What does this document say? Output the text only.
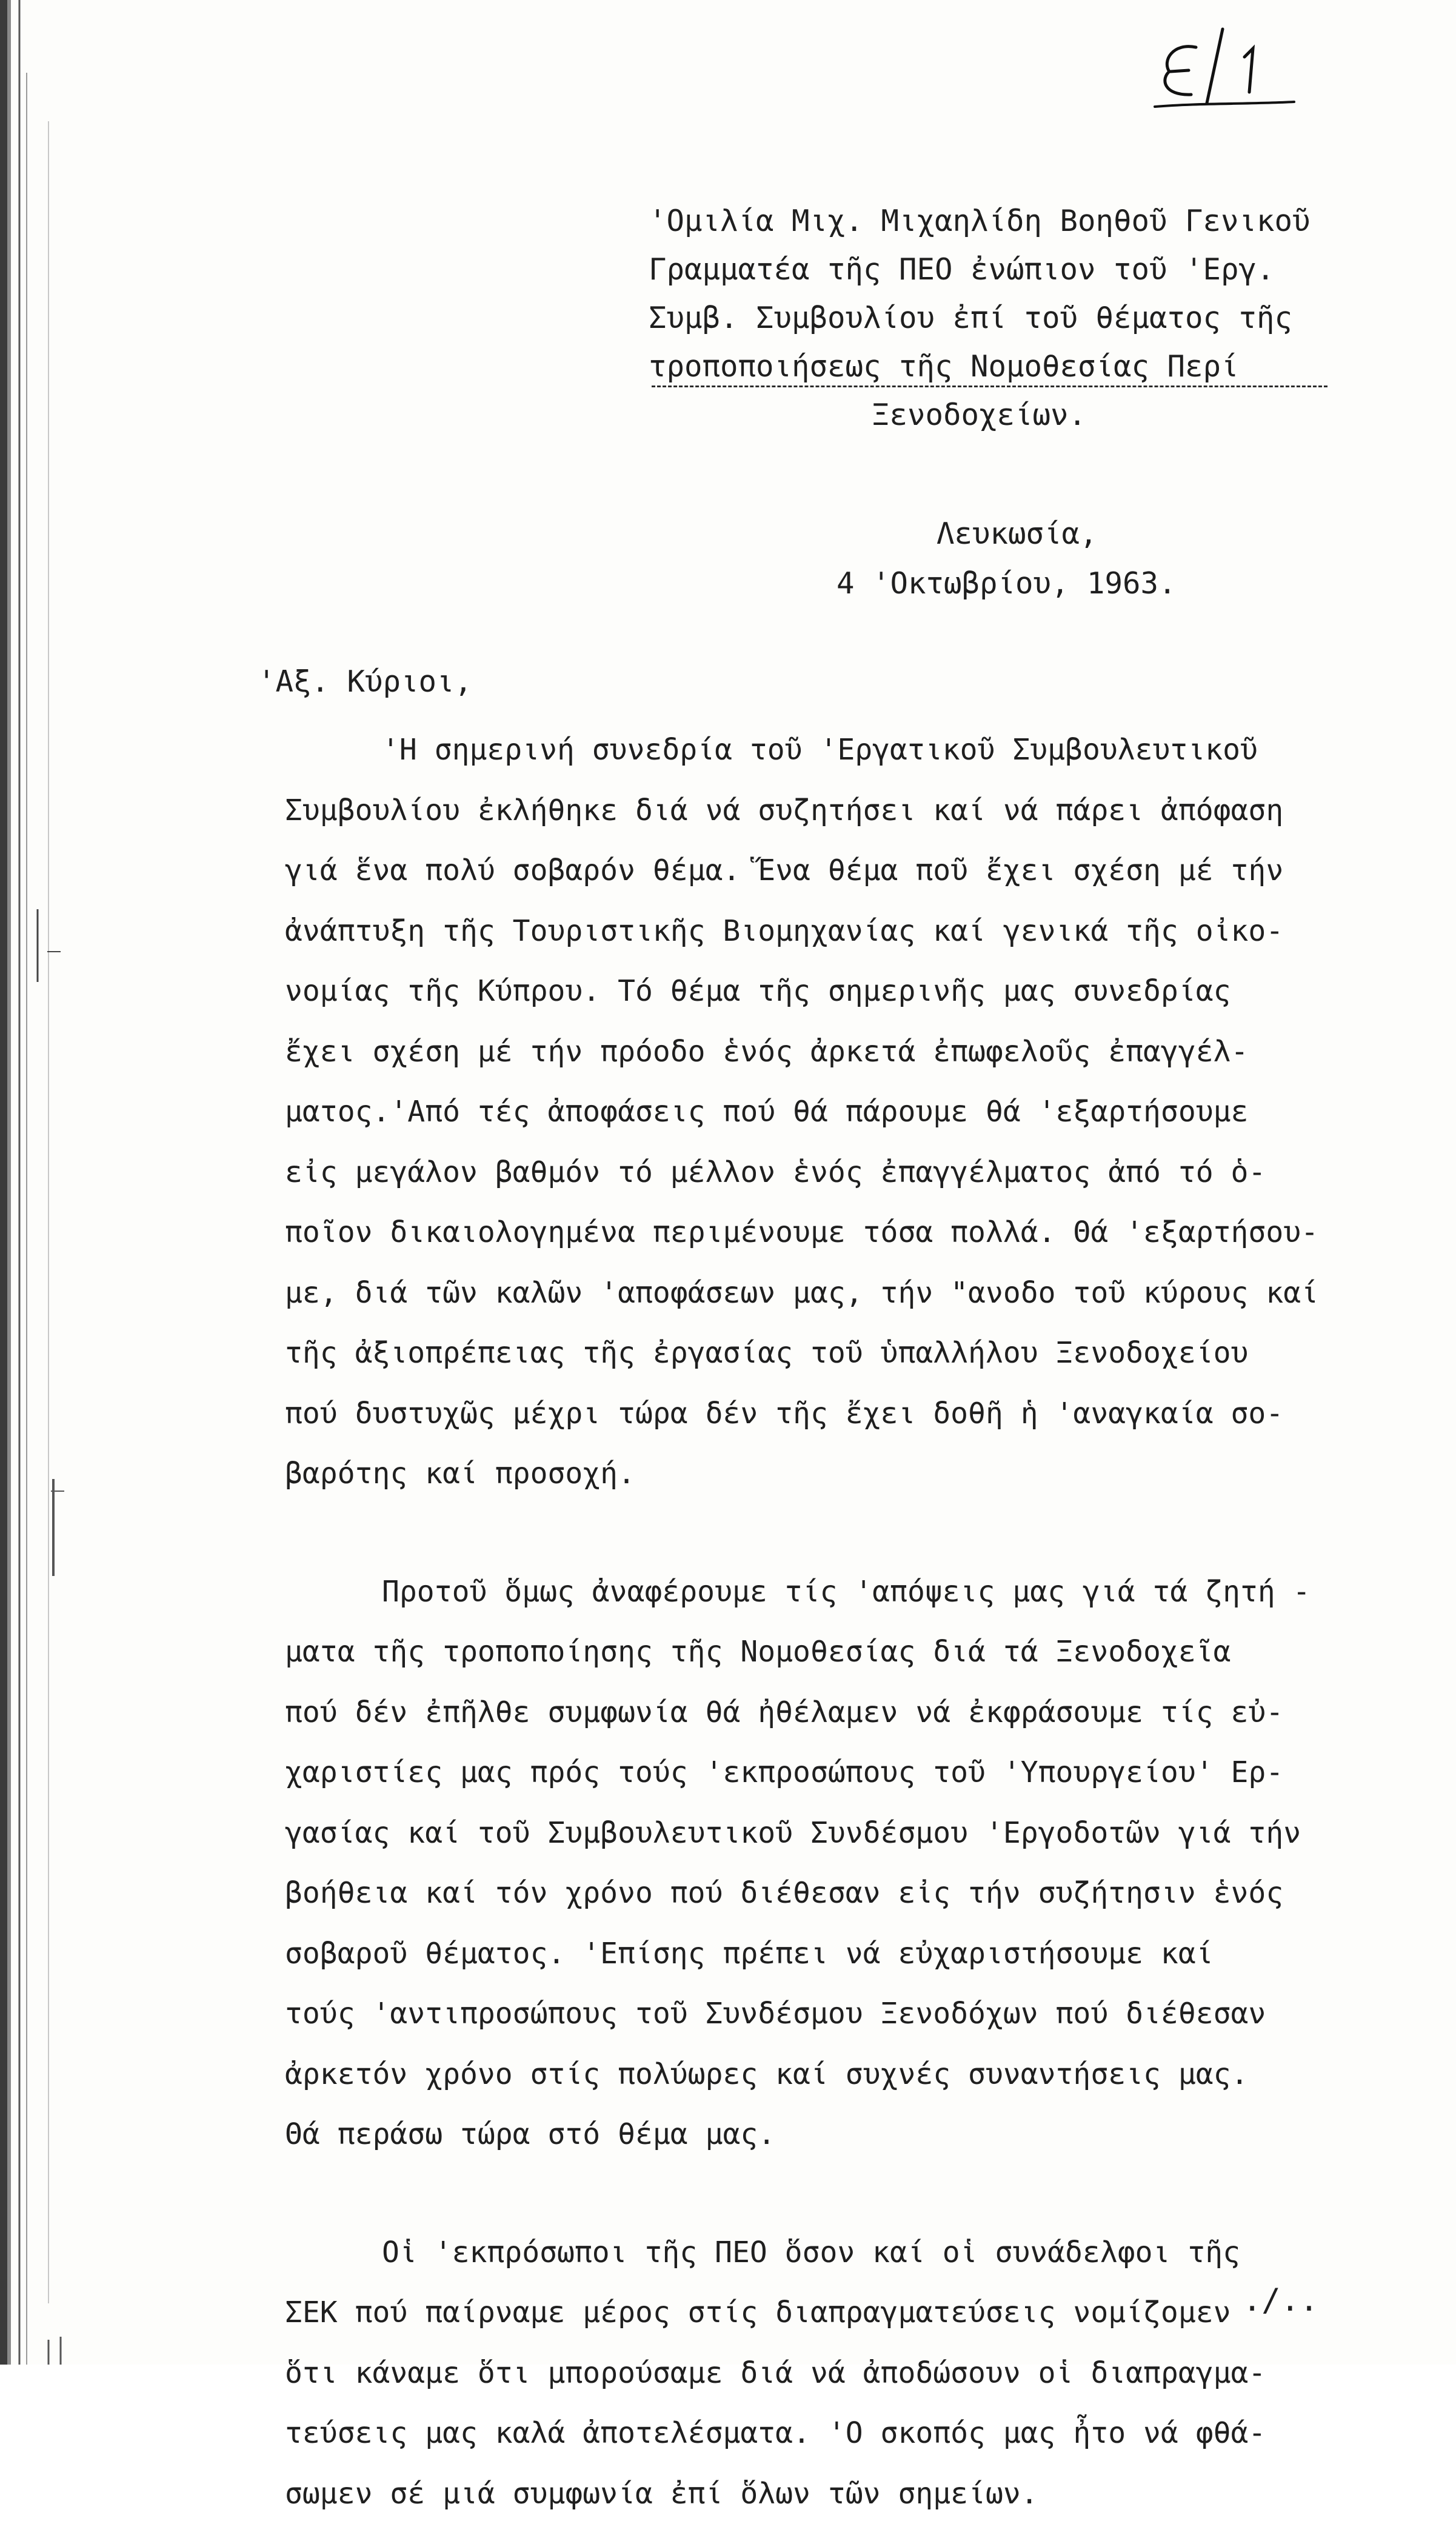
'Ομιλία Μιχ. Μιχαηλίδη Βοηθοῦ Γενικοῦ
Γραμματέα τῆς ΠΕΟ ἐνώπιον τοῦ 'Εργ.
Συμβ. Συμβουλίου ἐπί τοῦ θέματος τῆς
τροποποιήσεως τῆς Νομοθεσίας Περί
Ξενοδοχείων.
Λευκωσία,
4 'Οκτωβρίου, 1963.
'Αξ. Κύριοι,

'Η σημερινή συνεδρία τοῦ 'Εργατικοῦ Συμβουλευτικοῦ
Συμβουλίου ἐκλήθηκε διά νά συζητήσει καί νά πάρει ἀπόφαση
γιά ἕνα πολύ σοβαρόν θέμα. Ἕνα θέμα ποῦ ἔχει σχέση μέ τήν
ἀνάπτυξη τῆς Τουριστικῆς Βιομηχανίας καί γενικά τῆς οἰκο-
νομίας τῆς Κύπρου. Τό θέμα τῆς σημερινῆς μας συνεδρίας
ἔχει σχέση μέ τήν πρόοδο ἑνός ἀρκετά ἐπωφελοῦς ἐπαγγέλ-
ματος.'Από τές ἀποφάσεις πού θά πάρουμε θά 'εξαρτήσουμε
εἰς μεγάλον βαθμόν τό μέλλον ἑνός ἐπαγγέλματος ἀπό τό ὁ-
ποῖον δικαιολογημένα περιμένουμε τόσα πολλά. Θά 'εξαρτήσου-
με, διά τῶν καλῶν 'αποφάσεων μας, τήν "ανοδο τοῦ κύρους καί
τῆς ἀξιοπρέπειας τῆς ἐργασίας τοῦ ὑπαλλήλου Ξενοδοχείου
πού δυστυχῶς μέχρι τώρα δέν τῆς ἔχει δοθῆ ἡ 'αναγκαία σο-
βαρότης καί προσοχή.

Προτοῦ ὅμως ἀναφέρουμε τίς 'απόψεις μας γιά τά ζητή -
ματα τῆς τροποποίησης τῆς Νομοθεσίας διά τά Ξενοδοχεῖα
πού δέν ἐπῆλθε συμφωνία θά ἠθέλαμεν νά ἐκφράσουμε τίς εὐ-
χαριστίες μας πρός τούς 'εκπροσώπους τοῦ 'Υπουργείου' Ερ-
γασίας καί τοῦ Συμβουλευτικοῦ Συνδέσμου 'Εργοδοτῶν γιά τήν
βοήθεια καί τόν χρόνο πού διέθεσαν εἰς τήν συζήτησιν ἑνός
σοβαροῦ θέματος. 'Επίσης πρέπει νά εὐχαριστήσουμε καί
τούς 'αντιπροσώπους τοῦ Συνδέσμου Ξενοδόχων πού διέθεσαν
ἀρκετόν χρόνο στίς πολύωρες καί συχνές συναντήσεις μας.
Θά περάσω τώρα στό θέμα μας.

Οἱ 'εκπρόσωποι τῆς ΠΕΟ ὅσον καί οἱ συνάδελφοι τῆς
ΣΕΚ πού παίρναμε μέρος στίς διαπραγματεύσεις νομίζομεν
ὅτι κάναμε ὅτι μπορούσαμε διά νά ἀποδώσουν οἱ διαπραγμα-
τεύσεις μας καλά ἀποτελέσματα. 'Ο σκοπός μας ἦτο νά φθά-
σωμεν σέ μιά συμφωνία ἐπί ὅλων τῶν σημείων.

./..
